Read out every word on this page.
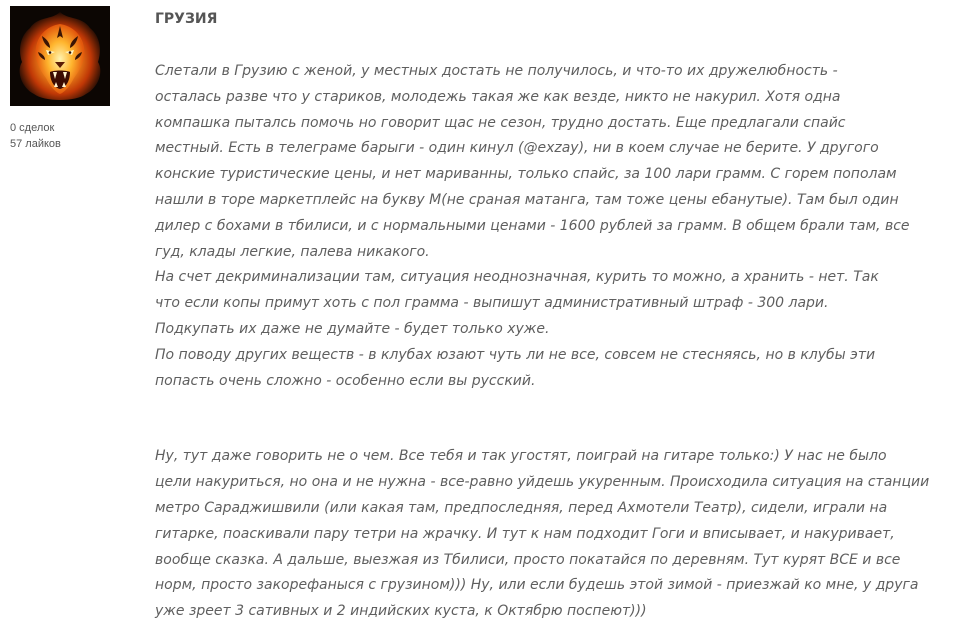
0 сделок
57 лайков
ГРУЗИЯ

Слетали в Грузию с женой, у местных достать не получилось, и что-то их дружелюбность -

осталась разве что у стариков, молодежь такая же как везде, никто не накурил. Хотя одна

компашка пыталсь помочь но говорит щас не сезон, трудно достать. Еще предлагали спайс

местный. Есть в телеграме барыги - один кинул (@exzay), ни в коем случае не берите. У другого

конские туристические цены, и нет мариванны, только спайс, за 100 лари грамм. С горем пополам

нашли в торе маркетплейс на букву М(не сраная матанга, там тоже цены ебанутые). Там был один

дилер с бохами в тбилиси, и с нормальными ценами - 1600 рублей за грамм. В общем брали там, все

гуд, клады легкие, палева никакого.

На счет декриминализации там, ситуация неоднозначная, курить то можно, а хранить - нет. Так

что если копы примут хоть с пол грамма - выпишут административный штраф - 300 лари.

Подкупать их даже не думайте - будет только хуже.

По поводу других веществ - в клубах юзают чуть ли не все, совсем не стесняясь, но в клубы эти

попасть очень сложно - особенно если вы русский.

Ну, тут даже говорить не о чем. Все тебя и так угостят, поиграй на гитаре только:) У нас не было

цели накуриться, но она и не нужна - все-равно уйдешь укуренным. Происходила ситуация на станции

метро Сараджишвили (или какая там, предпоследняя, перед Ахмотели Театр), сидели, играли на

гитарке, поаскивали пару тетри на жрачку. И тут к нам подходит Гоги и вписывает, и накуривает,

вообще сказка. А дальше, выезжая из Тбилиси, просто покатайся по деревням. Тут курят ВСЕ и все

норм, просто закорефаныся с грузином))) Ну, или если будешь этой зимой - приезжай ко мне, у друга

уже зреет 3 сативных и 2 индийских куста, к Октябрю поспеют)))
